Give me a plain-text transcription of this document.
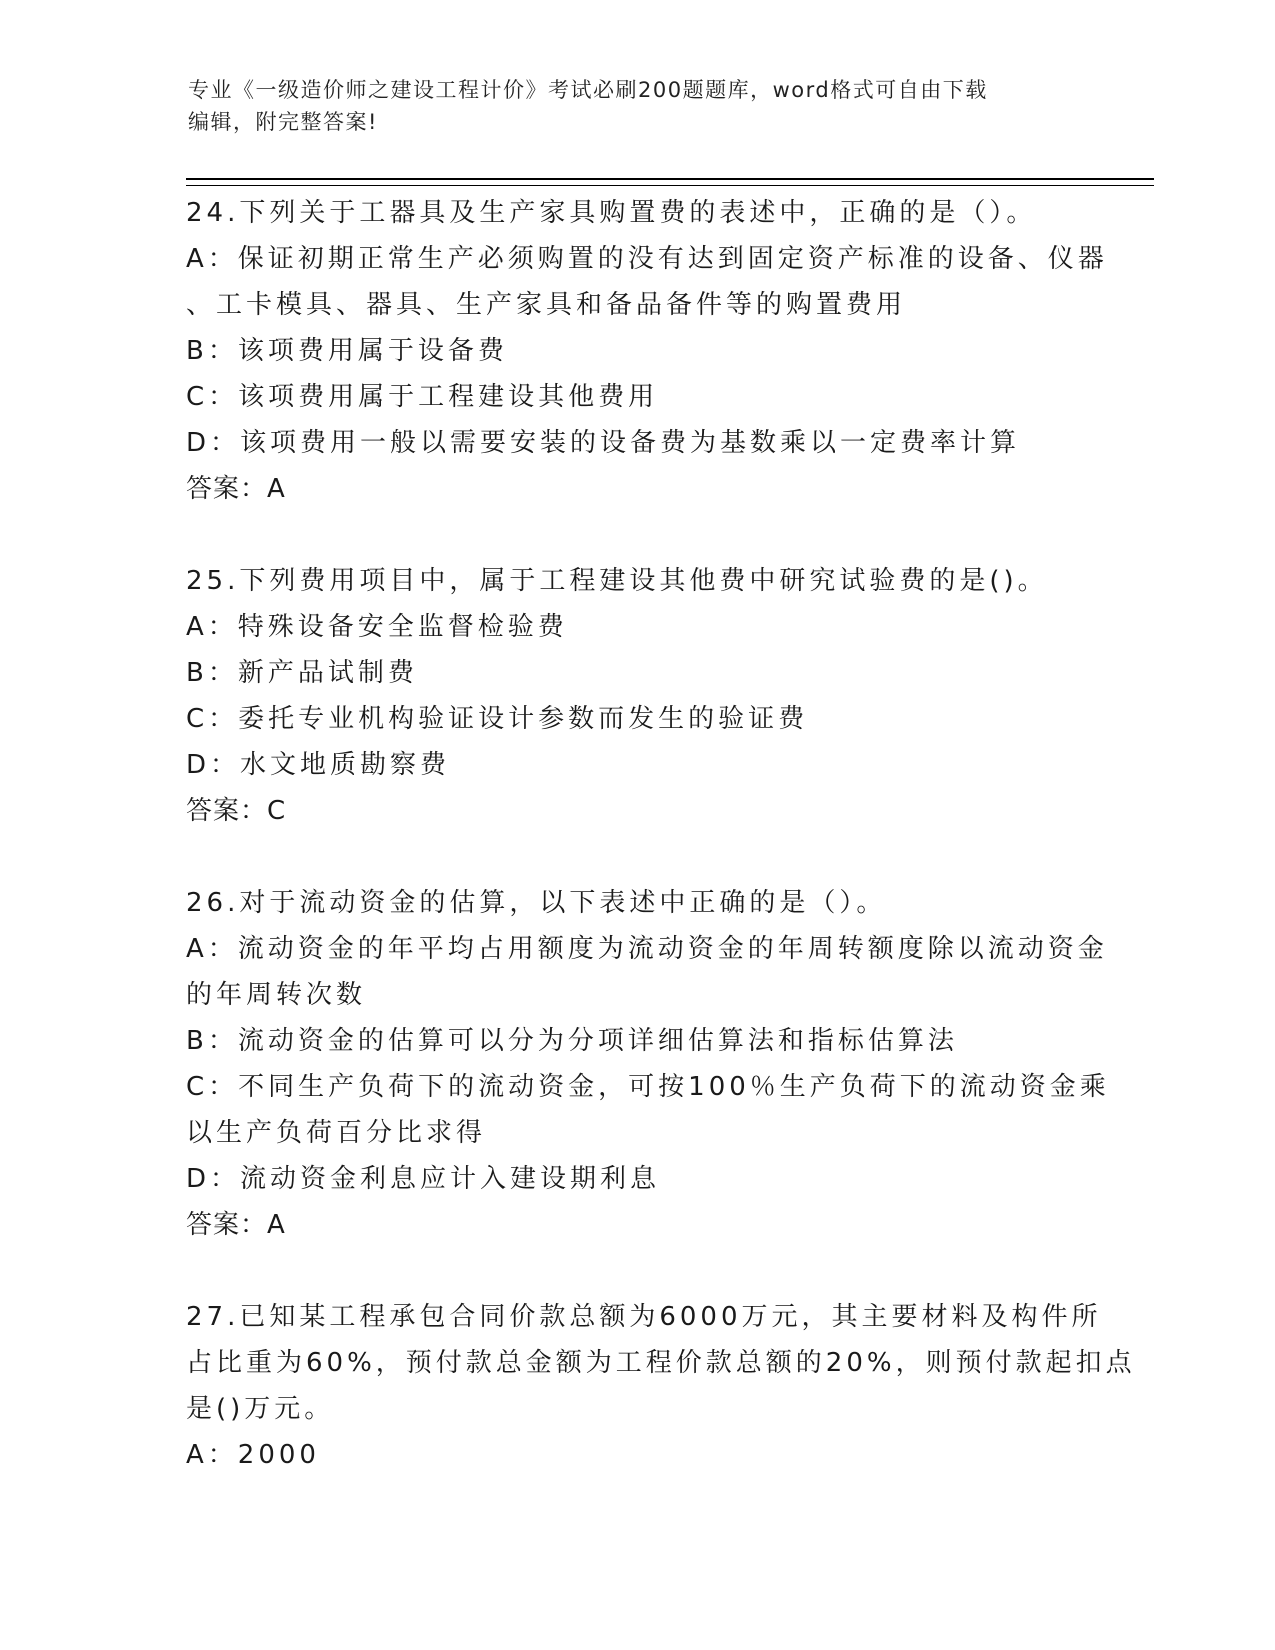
专业《一级造价师之建设工程计价》考试必刷200题题库，word格式可自由下载
编辑，附完整答案!
24.下列关于工器具及生产家具购置费的表述中，正确的是（）。
A：保证初期正常生产必须购置的没有达到固定资产标准的设备、仪器
、工卡模具、器具、生产家具和备品备件等的购置费用
B：该项费用属于设备费
C：该项费用属于工程建设其他费用
D：该项费用一般以需要安装的设备费为基数乘以一定费率计算
答案：A
25.下列费用项目中，属于工程建设其他费中研究试验费的是()。
A：特殊设备安全监督检验费
B：新产品试制费
C：委托专业机构验证设计参数而发生的验证费
D：水文地质勘察费
答案：C
26.对于流动资金的估算，以下表述中正确的是（）。
A：流动资金的年平均占用额度为流动资金的年周转额度除以流动资金
的年周转次数
B：流动资金的估算可以分为分项详细估算法和指标估算法
C：不同生产负荷下的流动资金，可按100％生产负荷下的流动资金乘
以生产负荷百分比求得
D：流动资金利息应计入建设期利息
答案：A
27.已知某工程承包合同价款总额为6000万元，其主要材料及构件所
占比重为60%，预付款总金额为工程价款总额的20%，则预付款起扣点
是()万元。
A：2000
